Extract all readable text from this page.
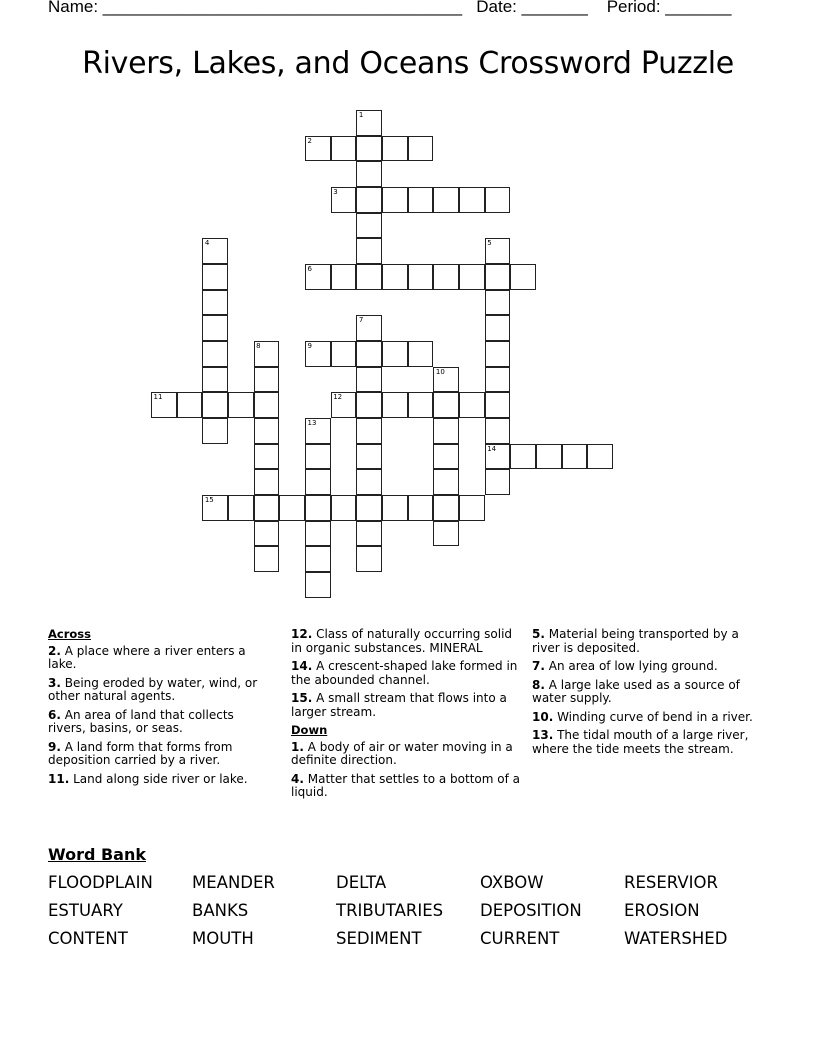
Name: ______________________________________ Date: _______ Period: _______
Rivers, Lakes, and Oceans Crossword Puzzle
1
2
3
4	5
14
6
7
8	9
10
11	12
13
15
Across
2. A place where a river enters a lake.
3. Being eroded by water, wind, or other natural agents.
6. An area of land that collects rivers, basins, or seas.
9. A land form that forms from deposition carried by a river.
11. Land along side river or lake.
12. Class of naturally occurring solid in organic substances. MINERAL
14. A crescent-shaped lake formed in the abounded channel.
15. A small stream that flows into a larger stream.
Down
1. A body of air or water moving in a definite direction.
4. Matter that settles to a bottom of a liquid.
5. Material being transported by a river is deposited.
7. An area of low lying ground.
8. A large lake used as a source of water supply.
10. Winding curve of bend in a river.
13. The tidal mouth of a large river, where the tide meets the stream.
Word Bank
FLOODPLAIN	MEANDER	DELTA	OXBOW	RESERVIOR
ESTUARY	BANKS	TRIBUTARIES	DEPOSITION	EROSION
CONTENT	MOUTH	SEDIMENT	CURRENT	WATERSHED
